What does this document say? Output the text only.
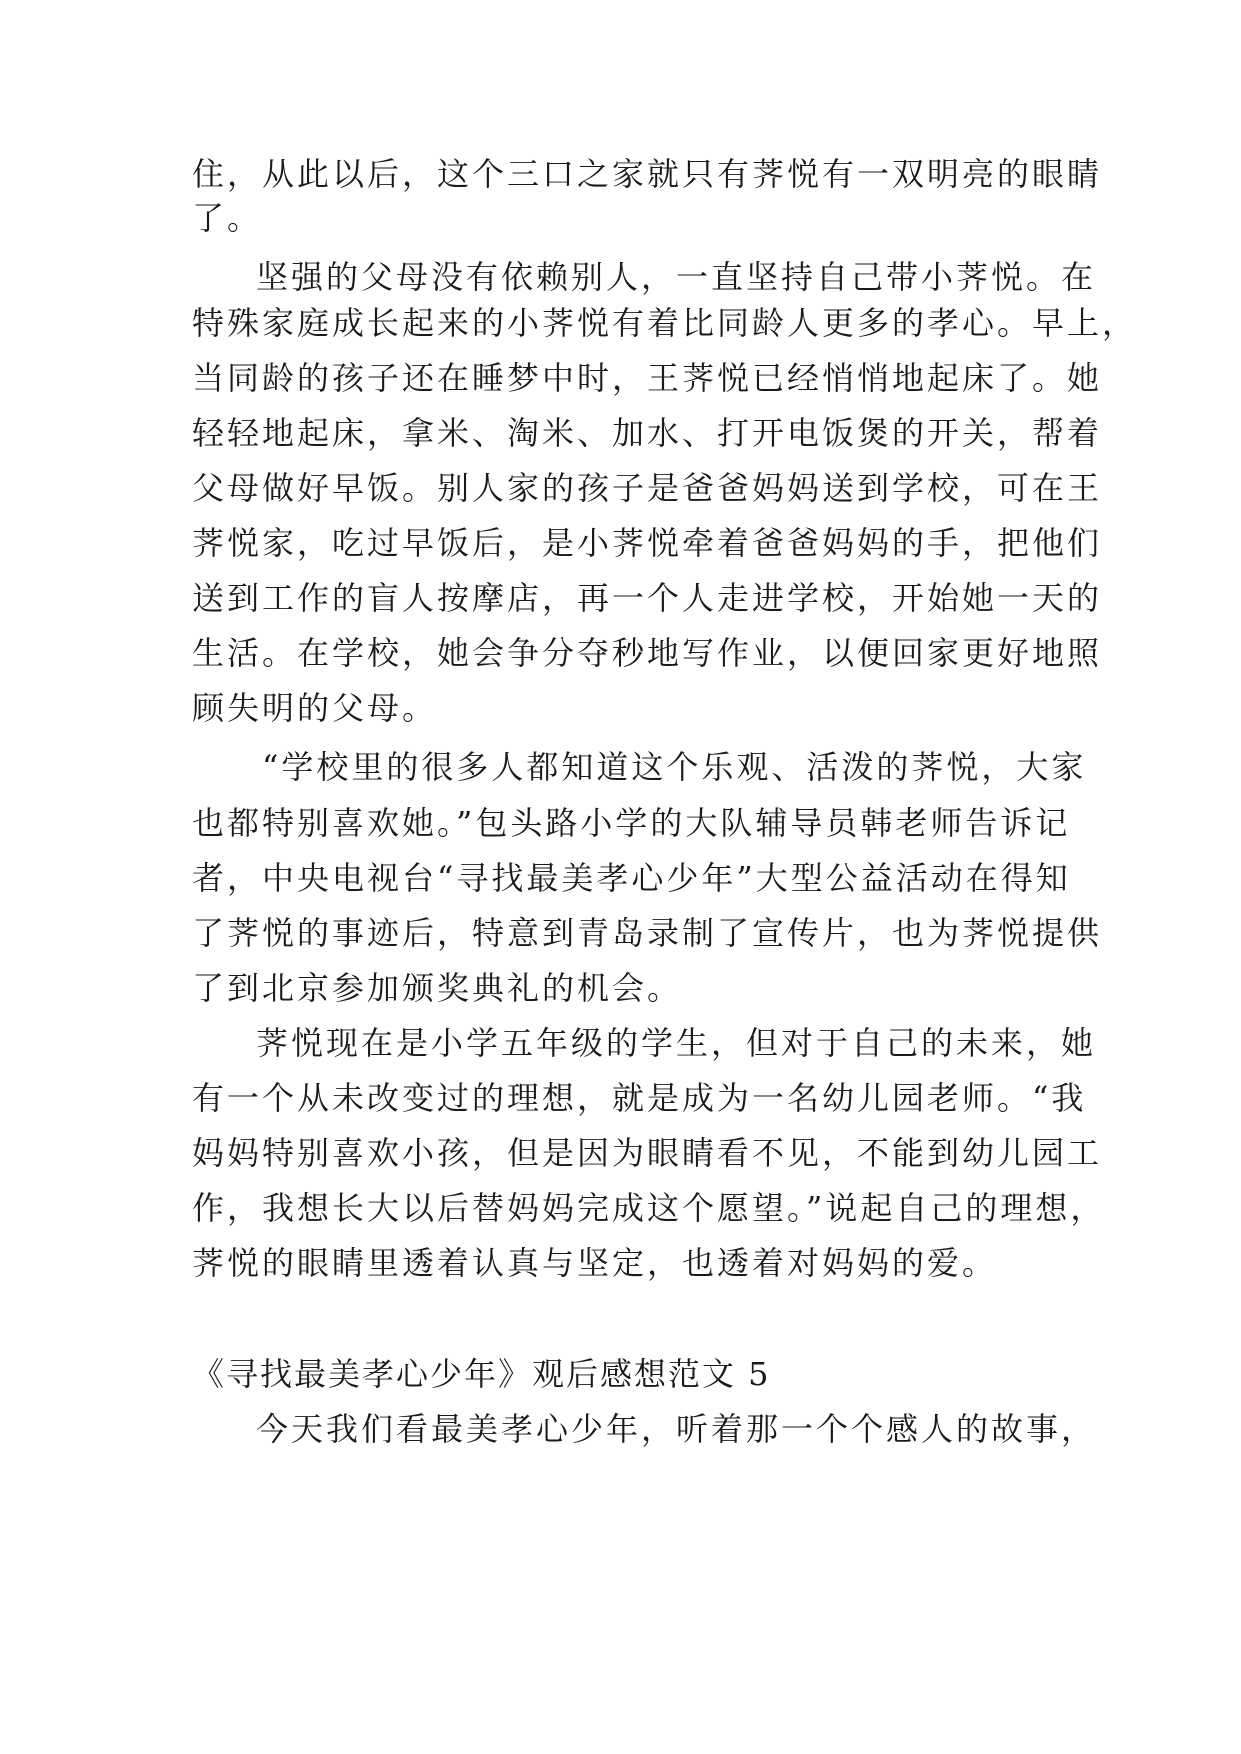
住，从此以后，这个三口之家就只有荠悦有一双明亮的眼睛
了。
坚强的父母没有依赖别人，一直坚持自己带小荠悦。在
特殊家庭成长起来的小荠悦有着比同龄人更多的孝心。早上，
当同龄的孩子还在睡梦中时，王荠悦已经悄悄地起床了。她
轻轻地起床，拿米、淘米、加水、打开电饭煲的开关，帮着
父母做好早饭。别人家的孩子是爸爸妈妈送到学校，可在王
荠悦家，吃过早饭后，是小荠悦牵着爸爸妈妈的手，把他们
送到工作的盲人按摩店，再一个人走进学校，开始她一天的
生活。在学校，她会争分夺秒地写作业，以便回家更好地照
顾失明的父母。
“学校里的很多人都知道这个乐观、活泼的荠悦，大家
也都特别喜欢她。”包头路小学的大队辅导员韩老师告诉记
者，中央电视台“寻找最美孝心少年”大型公益活动在得知
了荠悦的事迹后，特意到青岛录制了宣传片，也为荠悦提供
了到北京参加颁奖典礼的机会。
荠悦现在是小学五年级的学生，但对于自己的未来，她
有一个从未改变过的理想，就是成为一名幼儿园老师。“我
妈妈特别喜欢小孩，但是因为眼睛看不见，不能到幼儿园工
作，我想长大以后替妈妈完成这个愿望。”说起自己的理想，
荠悦的眼睛里透着认真与坚定，也透着对妈妈的爱。
《寻找最美孝心少年》观后感想范文 5
今天我们看最美孝心少年，听着那一个个感人的故事，
